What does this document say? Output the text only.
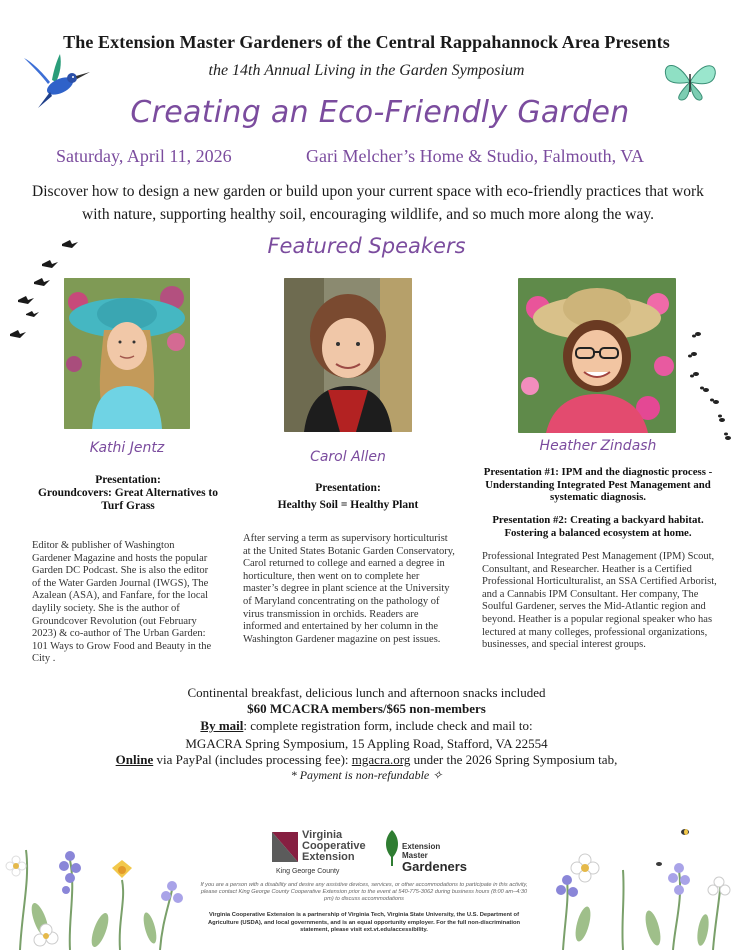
The Extension Master Gardeners of the Central Rappahannock Area Presents
the 14th Annual Living in the Garden Symposium
Creating an Eco-Friendly Garden
Saturday, April 11, 2026	Gari Melcher’s Home & Studio, Falmouth, VA
Discover how to design a new garden or build upon your current space with eco-friendly practices that work with nature, supporting healthy soil, encouraging wildlife, and so much more along the way.
Featured Speakers
Kathi Jentz
Carol Allen
Heather Zindash
Presentation:
Groundcovers: Great Alternatives to Turf Grass
Presentation:
Healthy Soil = Healthy Plant
Presentation #1: IPM and the diagnostic process - Understanding Integrated Pest Management and systematic diagnosis.
Presentation #2: Creating a backyard habitat. Fostering a balanced ecosystem at home.
Editor & publisher of Washington Gardener Magazine and hosts the popular Garden DC Podcast. She is also the editor of the Water Garden Journal (IWGS), The Azalean (ASA), and Fanfare, for the local daylily society. She is the author of Groundcover Revolution (out February 2023) & co-author of The Urban Garden: 101 Ways to Grow Food and Beauty in the City .
After serving a term as supervisory horticulturist at the United States Botanic Garden Conservatory, Carol returned to college and earned a degree in horticulture, then went on to complete her master’s degree in plant science at the University of Maryland concentrating on the pathology of virus transmission in orchids. Readers are informed and entertained by her column in the Washington Gardener magazine on pest issues.
Professional Integrated Pest Management (IPM) Scout, Consultant, and Researcher. Heather is a Certified Professional Horticulturalist, an SSA Certified Arborist, and a Cannabis IPM Consultant. Her company, The Soulful Gardener, serves the Mid-Atlantic region and beyond. Heather is a popular regional speaker who has lectured at many colleges, professional organizations, businesses, and special interest groups.
Continental breakfast, delicious lunch and afternoon snacks included
$60 MCACRA members/$65 non-members
By mail: complete registration form, include check and mail to:
MGACRA Spring Symposium, 15 Appling Road, Stafford, VA 22554
Online via PayPal (includes processing fee): mgacra.org under the 2026 Spring Symposium tab,
* Payment is non-refundable ✧
Virginia
Cooperative
Extension
King George County
Extension
Master
Gardeners
If you are a person with a disability and desire any assistive devices, services, or other accommodations to participate in this activity, please contact King George County Cooperative Extension prior to the event at 540-775-3062 during business hours (8:00 am–4:30 pm) to discuss accommodations
Virginia Cooperative Extension is a partnership of Virginia Tech, Virginia State University, the U.S. Department of Agriculture (USDA), and local governments, and is an equal opportunity employer. For the full non-discrimination statement, please visit ext.vt.edu/accessibility.
